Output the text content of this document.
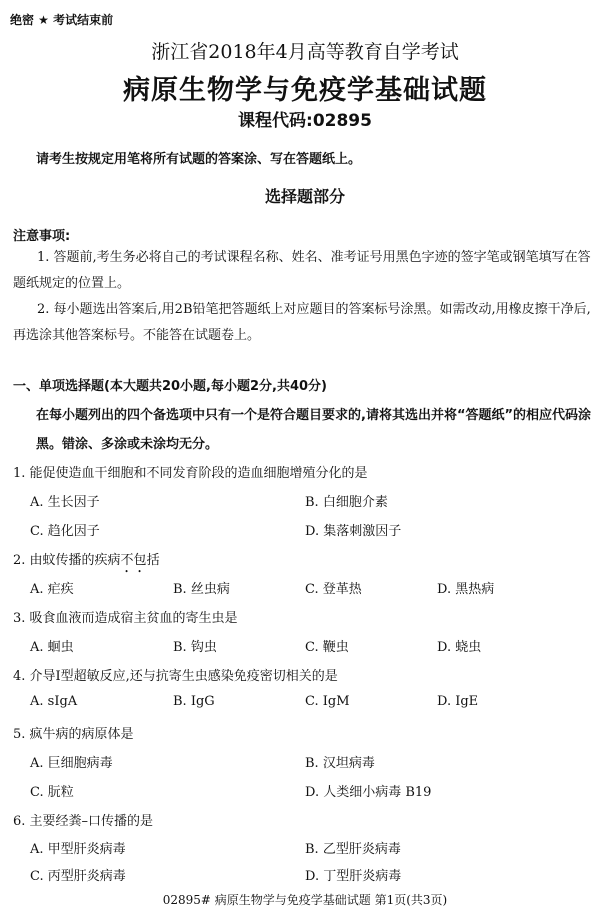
绝密 ★ 考试结束前
浙江省2018年4月高等教育自学考试
病原生物学与免疫学基础试题
课程代码:02895
请考生按规定用笔将所有试题的答案涂、写在答题纸上。
选择题部分
注意事项:
1. 答题前,考生务必将自己的考试课程名称、姓名、准考证号用黑色字迹的签字笔或钢笔填写在答题纸规定的位置上。
2. 每小题选出答案后,用2B铅笔把答题纸上对应题目的答案标号涂黑。如需改动,用橡皮擦干净后,再选涂其他答案标号。不能答在试题卷上。
一、单项选择题(本大题共20小题,每小题2分,共40分)
在每小题列出的四个备选项中只有一个是符合题目要求的,请将其选出并将“答题纸”的相应代码涂黑。错涂、多涂或未涂均无分。
1. 能促使造血干细胞和不同发育阶段的造血细胞增殖分化的是
A. 生长因子	B. 白细胞介素
C. 趋化因子	D. 集落刺激因子
2. 由蚊传播的疾病不包括
A. 疟疾	B. 丝虫病	C. 登革热	D. 黑热病
3. 吸食血液而造成宿主贫血的寄生虫是
A. 蛔虫	B. 钩虫	C. 鞭虫	D. 蛲虫
4. 介导Ⅰ型超敏反应,还与抗寄生虫感染免疫密切相关的是
A. sIgA	B. IgG	C. IgM	D. IgE
5. 疯牛病的病原体是
A. 巨细胞病毒	B. 汉坦病毒
C. 朊粒	D. 人类细小病毒 B19
6. 主要经粪–口传播的是
A. 甲型肝炎病毒	B. 乙型肝炎病毒
C. 丙型肝炎病毒	D. 丁型肝炎病毒
02895# 病原生物学与免疫学基础试题 第1页(共3页)
